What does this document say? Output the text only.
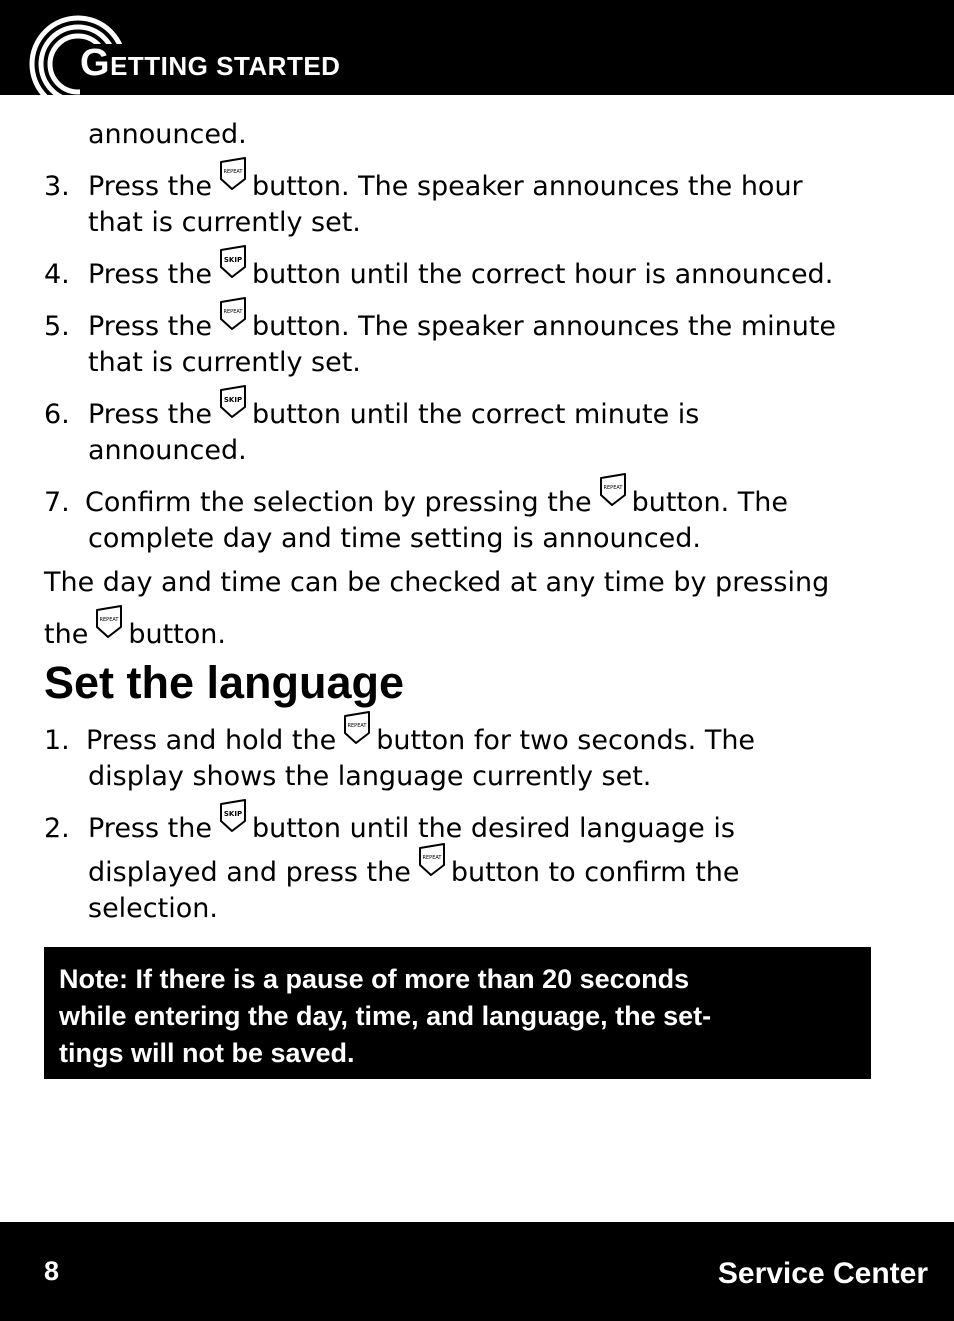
GETTING STARTED
announced.
3. Press the button. The speaker announces the hour
that is currently set.
4. Press the button until the correct hour is announced.
5. Press the button. The speaker announces the minute
that is currently set.
6. Press the button until the correct minute is
announced.
7. Confirm the selection by pressing the button. The
complete day and time setting is announced.
The day and time can be checked at any time by pressing
the button.
Set the language
1. Press and hold the button for two seconds. The
display shows the language currently set.
2. Press the button until the desired language is
displayed and press the button to confirm the
selection.
Note: If there is a pause of more than 20 seconds
while entering the day, time, and language, the set-
tings will not be saved.
8	Service Center
